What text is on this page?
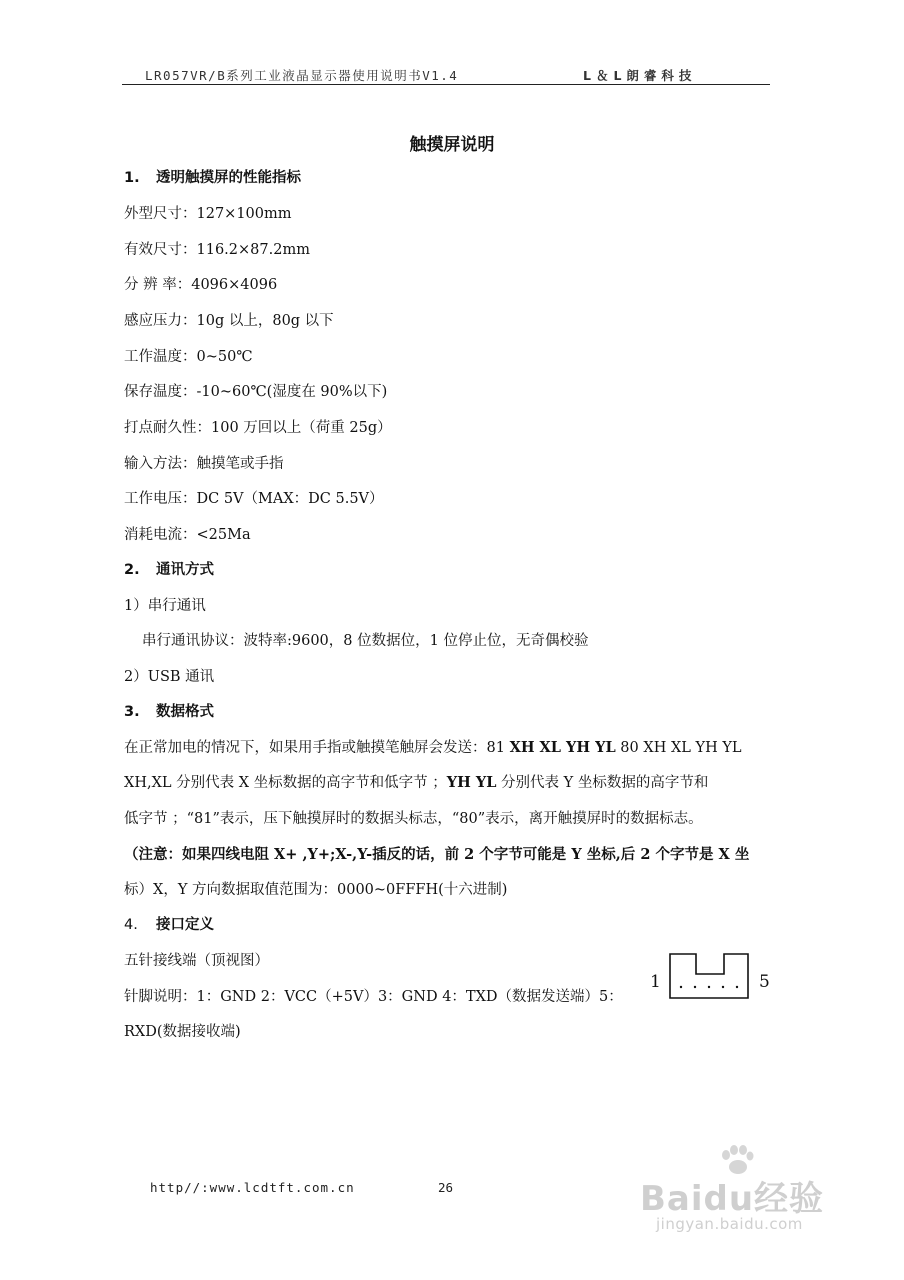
LR057VR/B系列工业液晶显示器使用说明书V1.4	L＆L朗睿科技
触摸屏说明
1. 透明触摸屏的性能指标
外型尺寸：127×100mm
有效尺寸：116.2×87.2mm
分 辨 率：4096×4096
感应压力：10g 以上，80g 以下
工作温度：0~50℃
保存温度：-10~60℃(湿度在 90%以下)
打点耐久性：100 万回以上（荷重 25g）
输入方法：触摸笔或手指
工作电压：DC 5V（MAX：DC 5.5V）
消耗电流：<25Ma
2. 通讯方式
1）串行通讯
串行通讯协议：波特率:9600，8 位数据位，1 位停止位，无奇偶校验
2）USB 通讯
3. 数据格式
在正常加电的情况下，如果用手指或触摸笔触屏会发送：81 XH XL YH YL 80 XH XL YH YL
XH,XL 分别代表 X 坐标数据的高字节和低字节 ；YH YL 分别代表 Y 坐标数据的高字节和
低字节 ；“81”表示，压下触摸屏时的数据头标志，“80”表示，离开触摸屏时的数据标志。
（注意：如果四线电阻 X+ ,Y+;X-,Y-插反的话，前 2 个字节可能是 Y 坐标,后 2 个字节是 X 坐
标）X，Y 方向数据取值范围为：0000~0FFFH(十六进制)
4. 接口定义
五针接线端（顶视图）
针脚说明：1：GND 2：VCC（+5V）3：GND 4：TXD（数据发送端）5：
RXD(数据接收端)
1	5
http//:www.lcdtft.com.cn	26	Baidu经验
jingyan.baidu.com
